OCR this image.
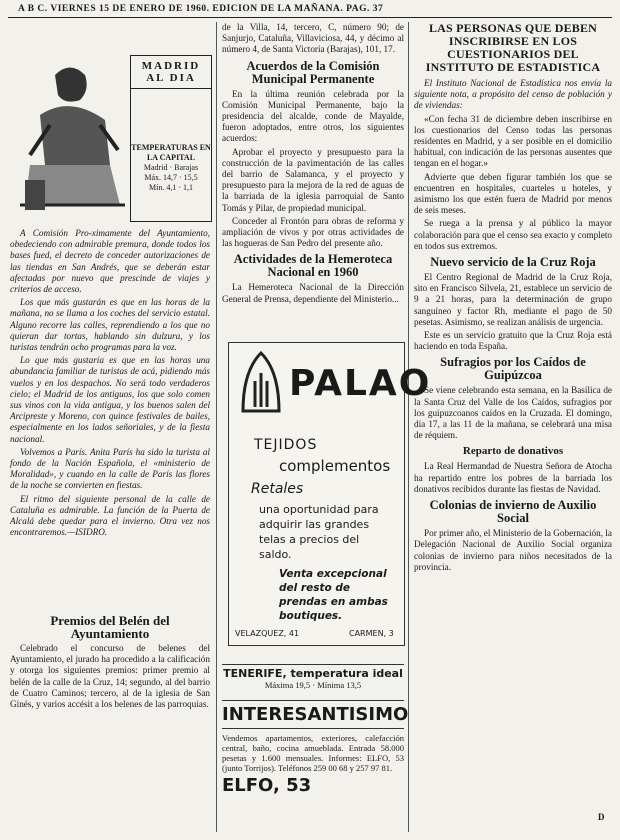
A B C. VIERNES 15 DE ENERO DE 1960. EDICION DE LA MAÑANA. PAG. 37
MADRID
AL DIA
TEMPERATURAS EN LA CAPITAL
Madrid · Barajas
Máx. 14,7 · 15,5
Mín. 4,1 · 1,1

A Comisión Pro-ximamente del Ayuntamiento, obedeciendo con admirable premura, donde todos los bases fued, el decreto de conceder autorizaciones de las tiendas en San Andrés, que se deberán estar afectadas por nuevo que prescinde de viajes y criterios de acceso.

Los que más gustarán es que en las horas de la mañana, no se llama a los coches del servicio estatal. Alguno recorre las calles, reprendiendo a los que no quieran dar tortas, hablando sin dulzura, y los turistas tendrán ocho programas para la voz.

Lo que más gustaría es que en las horas una abundancia familiar de turistas de acá, pidiendo más vuelos y en los despachos. No será todo verdaderos cielo; el Madrid de los antiguos, los que solo comen sus vinos con la vida antigua, y los buenos salen del Arcipreste y Moreno, con quince festivales de bailes, especialmente en los lados señoriales, y de la fiesta nacional.

Volvemos a París. Anita París ha sido la turista al fondo de la Nación Española, el «ministerio de Moralidad», y cuando en la calle de París las flores de la noche se convierten en fiestas.

El ritmo del siguiente personal de la calle de Cataluña es admirable. La función de la Puerta de Alcalá debe quedar para el invierno. Otra vez nos encontraremos.—ISIDRO.

Premios del Belén del Ayuntamiento

Celebrado el concurso de belenes del Ayuntamiento, el jurado ha procedido a la calificación y otorga los siguientes premios: primer premio al belén de la calle de la Cruz, 14; segundo, al del barrio de Cuatro Caminos; tercero, al de la iglesia de San Ginés, y varios accésit a los belenes de las parroquias.

de la Villa, 14, tercero, C, número 90; de Sanjurjo, Cataluña, Villaviciosa, 44, y décimo al número 4, de Santa Victoria (Barajas), 101, 17.

Acuerdos de la Comisión Municipal Permanente

En la última reunión celebrada por la Comisión Municipal Permanente, bajo la presidencia del alcalde, conde de Mayalde, fueron adoptados, entre otros, los siguientes acuerdos:

Aprobar el proyecto y presupuesto para la construcción de la pavimentación de las calles del barrio de Salamanca, y el proyecto y presupuesto para la mejora de la red de aguas de la barriada de la iglesia parroquial de Santo Tomás y Pilar, de propiedad municipal.

Conceder al Frontón para obras de reforma y ampliación de vivos y por otras actividades de las hogueras de San Pedro del presente año.

Actividades de la Hemeroteca Nacional en 1960

La Hemeroteca Nacional de la Dirección General de Prensa, dependiente del Ministerio...

PALAO
TEJIDOS
complementos
Retales
una oportunidad para
adquirir las grandes
telas a precios del
saldo.
Venta excepcional
del resto de
prendas en ambas
boutiques.
VELAZQUEZ, 41	CARMEN, 3
TENERIFE, temperatura ideal
Máxima 19,5 · Mínima 13,5
INTERESANTISIMO
Vendemos apartamentos, exteriores, calefacción central, baño, cocina amueblada. Entrada 58.000 pesetas y 1.600 mensuales. Informes: ELFO, 53 (junto Torrijos). Teléfonos 259 00 68 y 257 97 81.
ELFO, 53
LAS PERSONAS QUE DEBEN INSCRIBIRSE EN LOS CUESTIONARIOS DEL INSTITUTO DE ESTADISTICA

El Instituto Nacional de Estadística nos envía la siguiente nota, a propósito del censo de población y de viviendas:

«Con fecha 31 de diciembre deben inscribirse en los cuestionarios del Censo todas las personas residentes en Madrid, y a ser posible en el domicilio habitual, con indicación de las personas ausentes que tengan en el hogar.»

Advierte que deben figurar también los que se encuentren en hospitales, cuarteles u hoteles, y asimismo los que estén fuera de Madrid por menos de seis meses.

Se ruega a la prensa y al público la mayor colaboración para que el censo sea exacto y completo en todos sus extremos.

Nuevo servicio de la Cruz Roja

El Centro Regional de Madrid de la Cruz Roja, sito en Francisco Silvela, 21, establece un servicio de 9 a 21 horas, para la determinación de grupo sanguíneo y factor Rh, mediante el pago de 50 pesetas. Asimismo, se realizan análisis de urgencia.

Este es un servicio gratuito que la Cruz Roja está haciendo en toda España.

Sufragios por los Caídos de Guipúzcoa

Se viene celebrando esta semana, en la Basílica de la Santa Cruz del Valle de los Caídos, sufragios por los guipuzcoanos caídos en la Cruzada. El domingo, día 17, a las 11 de la mañana, se celebrará una misa de réquiem.

Reparto de donativos

La Real Hermandad de Nuestra Señora de Atocha ha repartido entre los pobres de la barriada los donativos recibidos durante las fiestas de Navidad.

Colonias de invierno de Auxilio Social

Por primer año, el Ministerio de la Gobernación, la Delegación Nacional de Auxilio Social organiza colonias de invierno para niños necesitados de la provincia.

D
